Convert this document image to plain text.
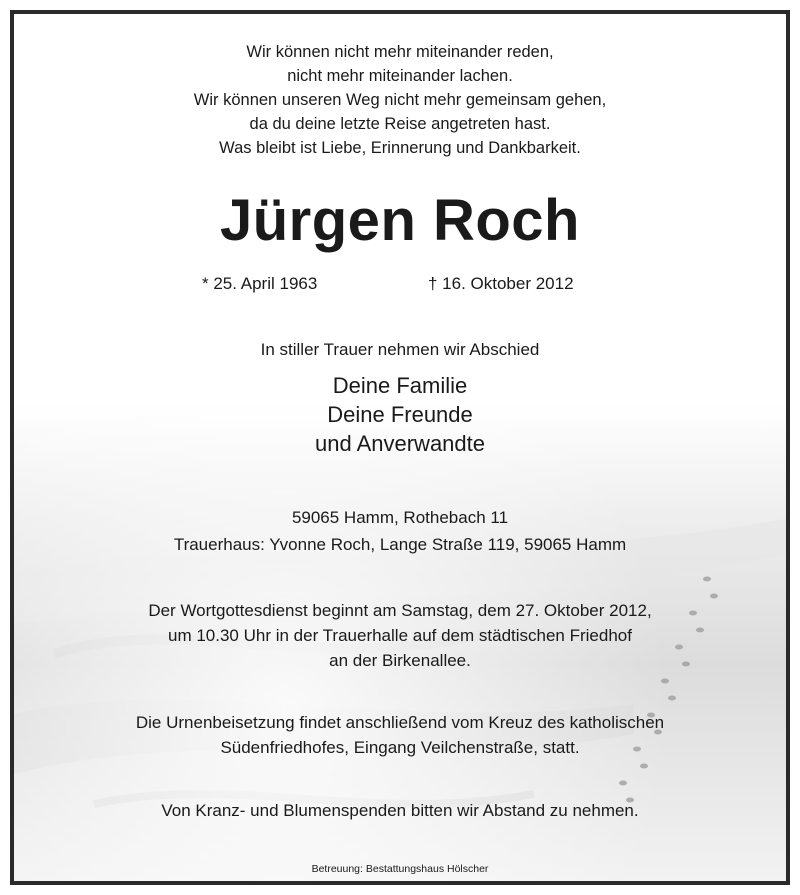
Wir können nicht mehr miteinander reden,
nicht mehr miteinander lachen.
Wir können unseren Weg nicht mehr gemeinsam gehen,
da du deine letzte Reise angetreten hast.
Was bleibt ist Liebe, Erinnerung und Dankbarkeit.
Jürgen Roch
* 25. April 1963	† 16. Oktober 2012
In stiller Trauer nehmen wir Abschied
Deine Familie
Deine Freunde
und Anverwandte
59065 Hamm, Rothebach 11
Trauerhaus: Yvonne Roch, Lange Straße 119, 59065 Hamm
Der Wortgottesdienst beginnt am Samstag, dem 27. Oktober 2012,
um 10.30 Uhr in der Trauerhalle auf dem städtischen Friedhof
an der Birkenallee.
Die Urnenbeisetzung findet anschließend vom Kreuz des katholischen
Südenfriedhofes, Eingang Veilchenstraße, statt.
Von Kranz- und Blumenspenden bitten wir Abstand zu nehmen.
Betreuung: Bestattungshaus Hölscher
